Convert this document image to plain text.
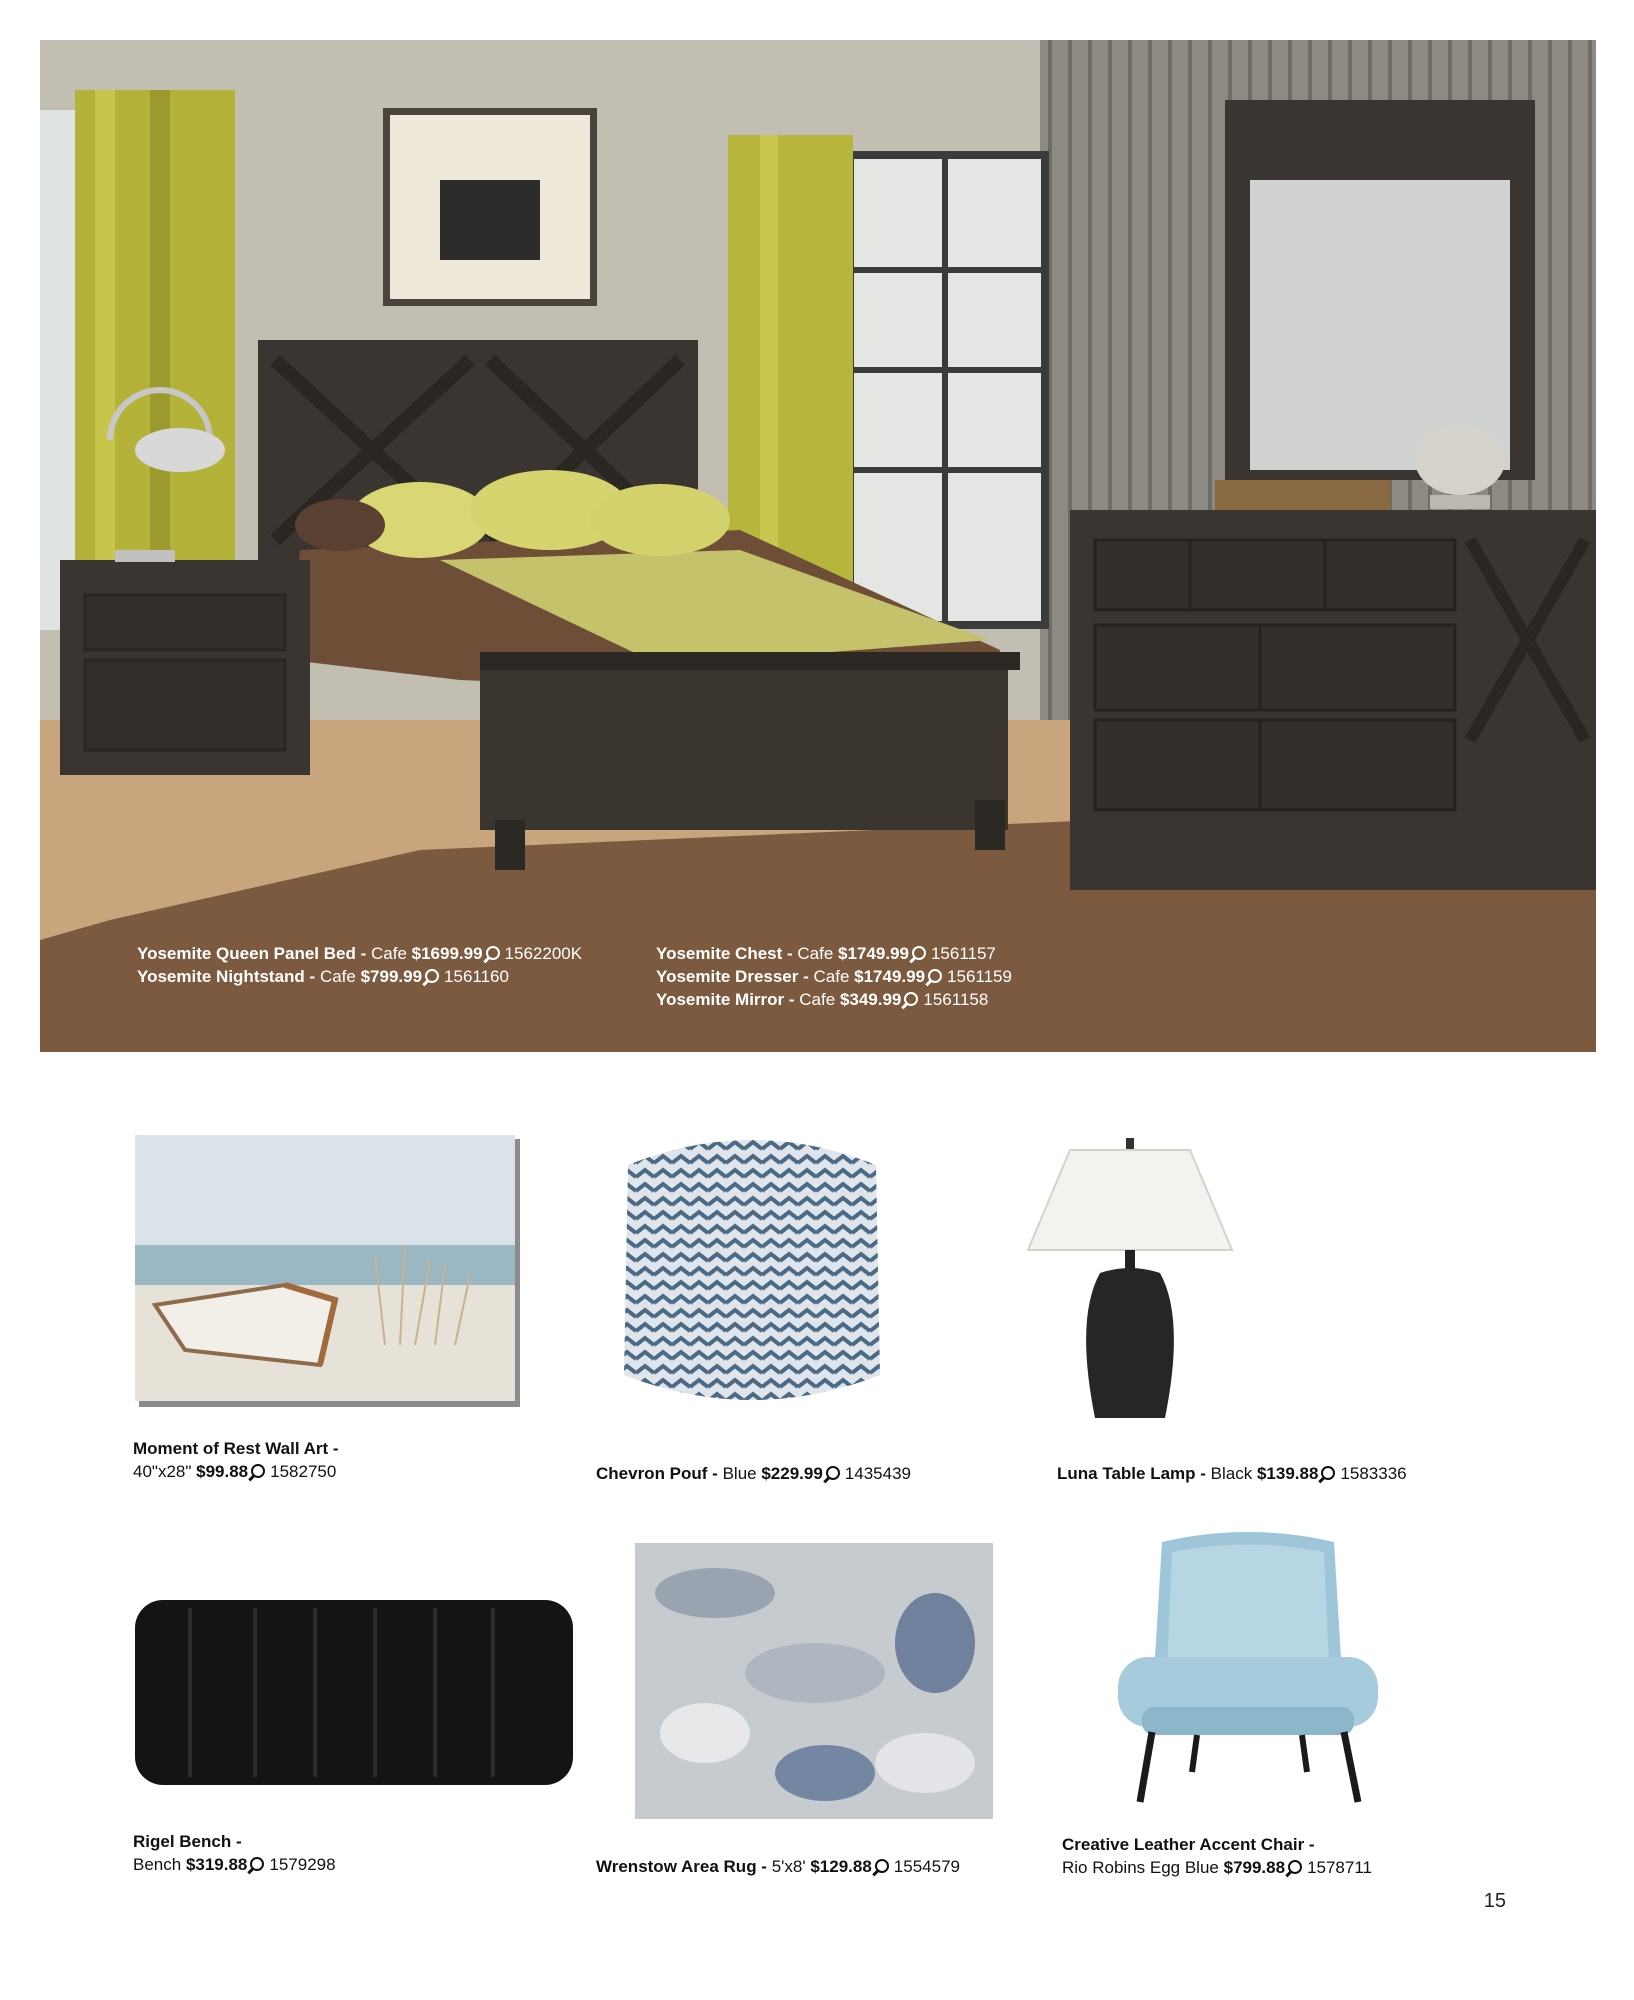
Yosemite Queen Panel Bed - Cafe $1699.99 1562200K
Yosemite Nightstand - Cafe $799.99 1561160
Yosemite Chest - Cafe $1749.99 1561157
Yosemite Dresser - Cafe $1749.99 1561159
Yosemite Mirror - Cafe $349.99 1561158
Moment of Rest Wall Art -
40"x28" $99.88 1582750	Chevron Pouf - Blue $229.99 1435439	Luna Table Lamp - Black $139.88 1583336
Rigel Bench -
Bench $319.88 1579298	Wrenstow Area Rug - 5'x8' $129.88 1554579
Creative Leather Accent Chair -
Rio Robins Egg Blue $799.88 1578711
15
